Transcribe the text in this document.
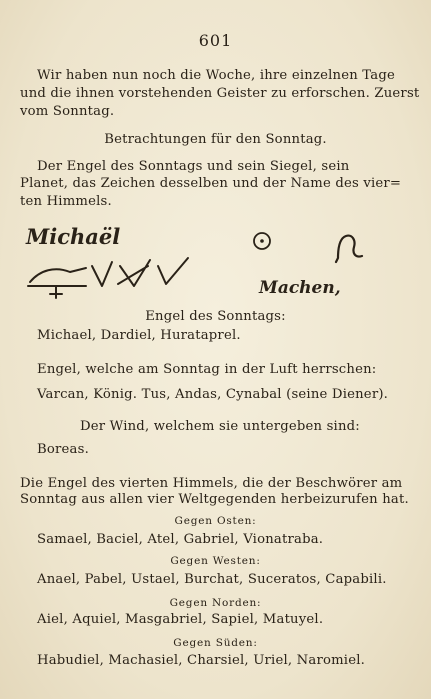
601
Wir haben nun noch die Woche, ihre einzelnen Tage
und die ihnen vorstehenden Geister zu erforschen. Zuerst
vom Sonntag.
Betrachtungen für den Sonntag.
Der Engel des Sonntags und sein Siegel, sein
Planet, das Zeichen desselben und der Name des vier=
ten Himmels.
Michaël
Machen,
Engel des Sonntags:
Michael, Dardiel, Hurataprel.
Engel, welche am Sonntag in der Luft herrschen:
Varcan, König. Tus, Andas, Cynabal (seine Diener).
Der Wind, welchem sie untergeben sind:
Boreas.
Die Engel des vierten Himmels, die der Beschwörer am
Sonntag aus allen vier Weltgegenden herbeizurufen hat.
Gegen Osten:
Samael, Baciel, Atel, Gabriel, Vionatraba.
Gegen Westen:
Anael, Pabel, Ustael, Burchat, Suceratos, Capabili.
Gegen Norden:
Aiel, Aquiel, Masgabriel, Sapiel, Matuyel.
Gegen Süden:
Habudiel, Machasiel, Charsiel, Uriel, Naromiel.
